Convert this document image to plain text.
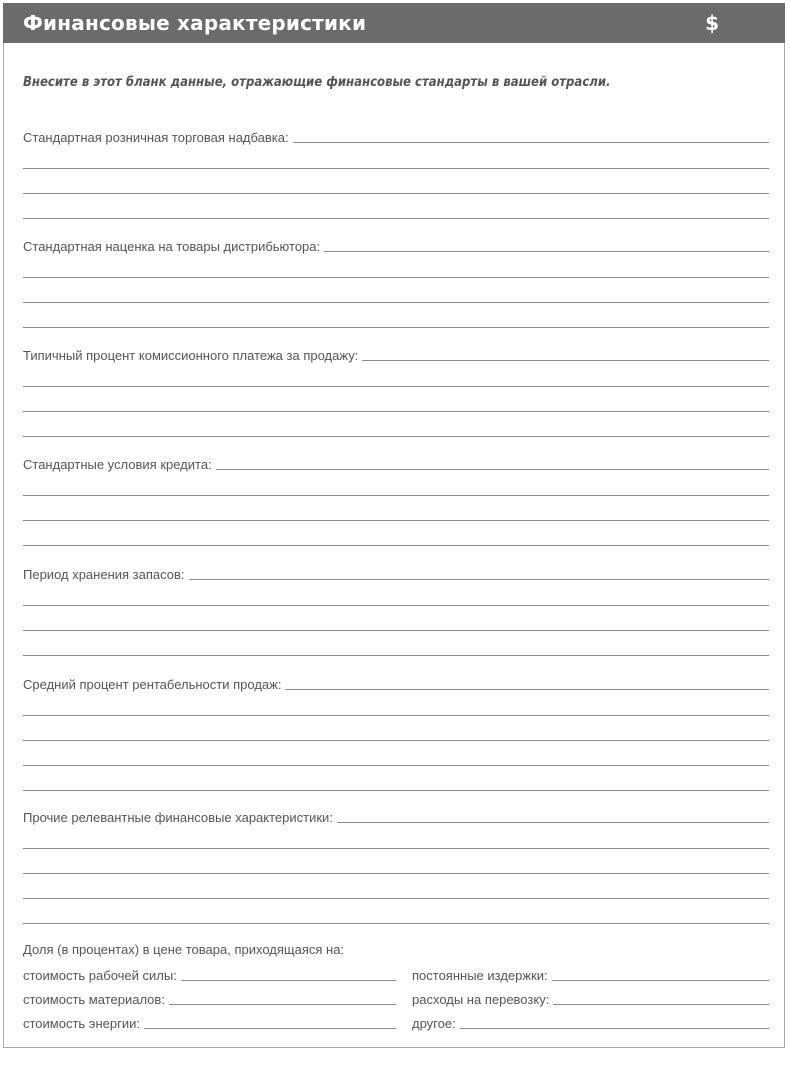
Финансовые характеристики	$
Внесите в этот бланк данные, отражающие финансовые стандарты в вашей отрасли.
Стандартная розничная торговая надбавка:
Стандартная наценка на товары дистрибьютора:
Типичный процент комиссионного платежа за продажу:
Стандартные условия кредита:
Период хранения запасов:
Средний процент рентабельности продаж:
Прочие релевантные финансовые характеристики:
Доля (в процентах) в цене товара, приходящаяся на:
стоимость рабочей силы:	постоянные издержки:
стоимость материалов:	расходы на перевозку:
стоимость энергии:	другое:
